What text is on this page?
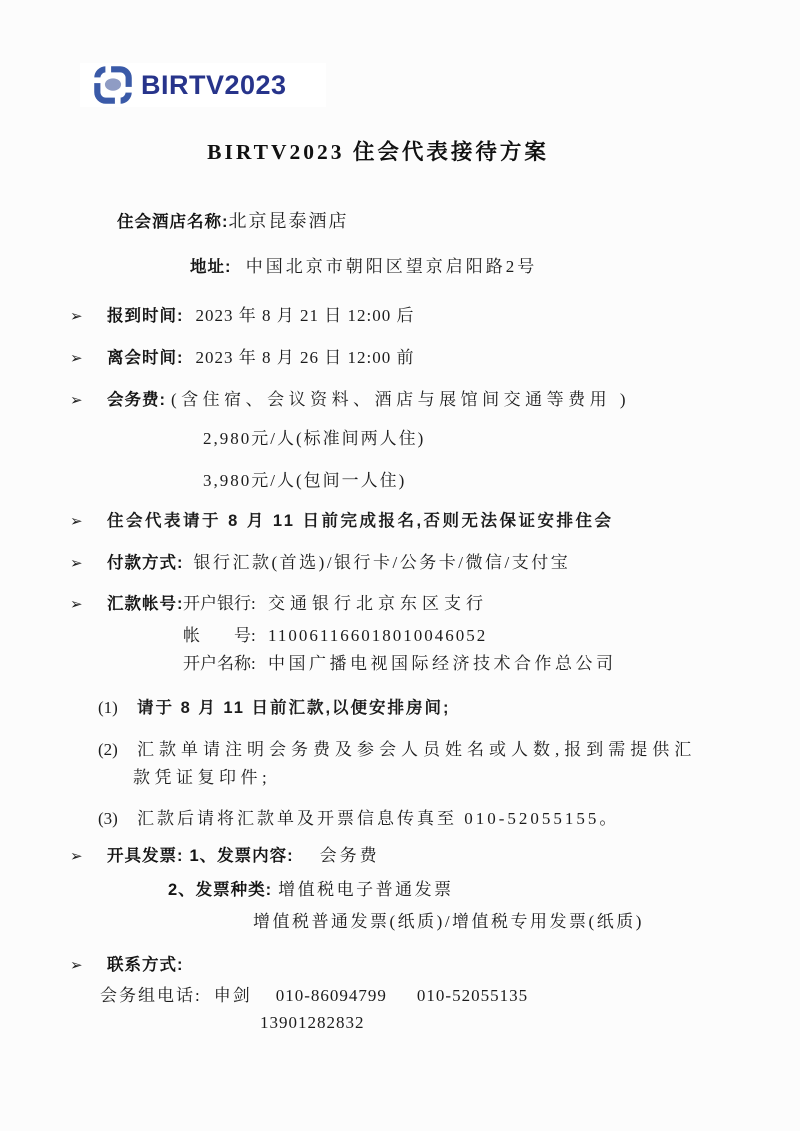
BIRTV2023
BIRTV2023 住会代表接待方案
住会酒店名称:北京昆泰酒店
地址: 中国北京市朝阳区望京启阳路2号
➢ 报到时间: 2023 年 8 月 21 日 12:00 后
➢ 离会时间: 2023 年 8 月 26 日 12:00 前
➢ 会务费: (含住宿、会议资料、酒店与展馆间交通等费用 )
2,980元/人(标准间两人住)
3,980元/人(包间一人住)
➢ 住会代表请于 8 月 11 日前完成报名,否则无法保证安排住会
➢ 付款方式: 银行汇款(首选)/银行卡/公务卡/微信/支付宝
➢ 汇款帐号: 开户银行: 交通银行北京东区支行
帐　　号: 110061166018010046052
开户名称: 中国广播电视国际经济技术合作总公司
(1) 请于 8 月 11 日前汇款,以便安排房间;
(2) 汇款单请注明会务费及参会人员姓名或人数,报到需提供汇
款凭证复印件;
(3) 汇款后请将汇款单及开票信息传真至 010-52055155。
➢ 开具发票: 1、发票内容: 会务费
2、发票种类: 增值税电子普通发票
增值税普通发票(纸质)/增值税专用发票(纸质)
➢ 联系方式:
会务组电话: 申剑 010-86094799 010-52055135
13901282832
